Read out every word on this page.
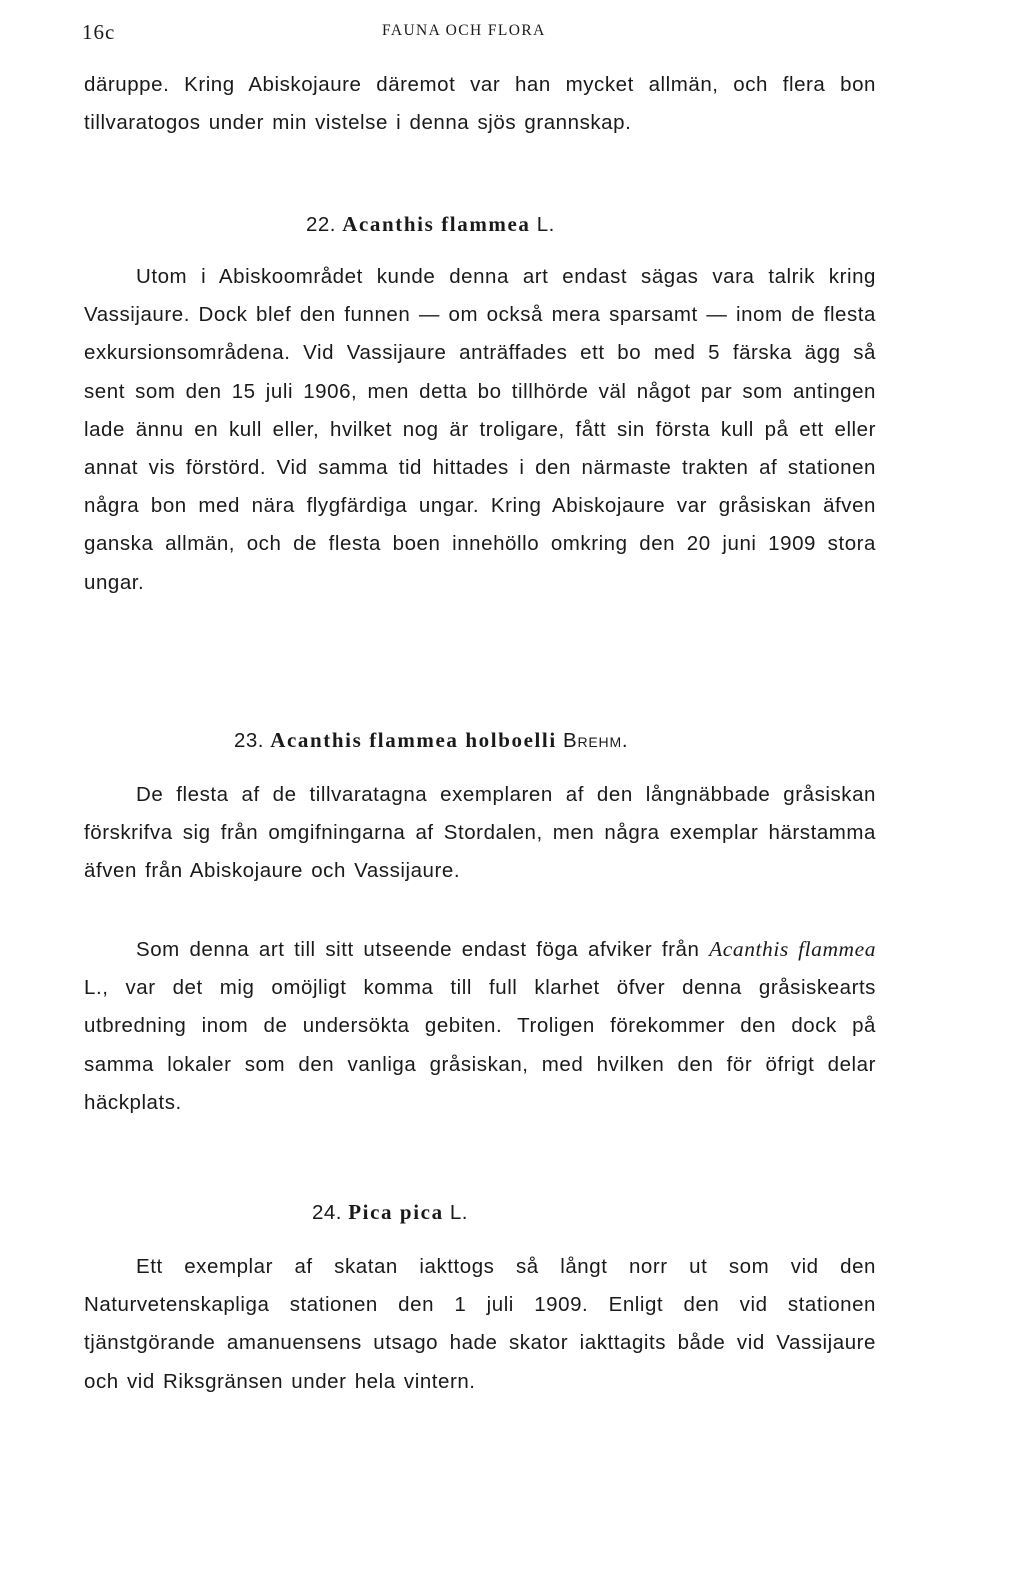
16c	FAUNA OCH FLORA

däruppe. Kring Abiskojaure däremot var han mycket allmän, och flera bon tillvaratogos under min vistelse i denna sjös grannskap.

22. Acanthis flammea L.

Utom i Abiskoområdet kunde denna art endast sägas vara talrik kring Vassijaure. Dock blef den funnen — om också mera sparsamt — inom de flesta exkursionsområdena. Vid Vassijaure anträffades ett bo med 5 färska ägg så sent som den 15 juli 1906, men detta bo tillhörde väl något par som antingen lade ännu en kull eller, hvilket nog är troligare, fått sin första kull på ett eller annat vis förstörd. Vid samma tid hittades i den närmaste trakten af stationen några bon med nära flygfärdiga ungar. Kring Abiskojaure var gråsiskan äfven ganska allmän, och de flesta boen innehöllo omkring den 20 juni 1909 stora ungar.

23. Acanthis flammea holboelli Brehm.

De flesta af de tillvaratagna exemplaren af den långnäbbade gråsiskan förskrifva sig från omgifningarna af Stordalen, men några exemplar härstamma äfven från Abiskojaure och Vassijaure.

Som denna art till sitt utseende endast föga afviker från Acanthis flammea L., var det mig omöjligt komma till full klarhet öfver denna gråsiskearts utbredning inom de undersökta gebiten. Troligen förekommer den dock på samma lokaler som den vanliga gråsiskan, med hvilken den för öfrigt delar häckplats.

24. Pica pica L.

Ett exemplar af skatan iakttogs så långt norr ut som vid den Naturvetenskapliga stationen den 1 juli 1909. Enligt den vid stationen tjänstgörande amanuensens utsago hade skator iakttagits både vid Vassijaure och vid Riksgränsen under hela vintern.
